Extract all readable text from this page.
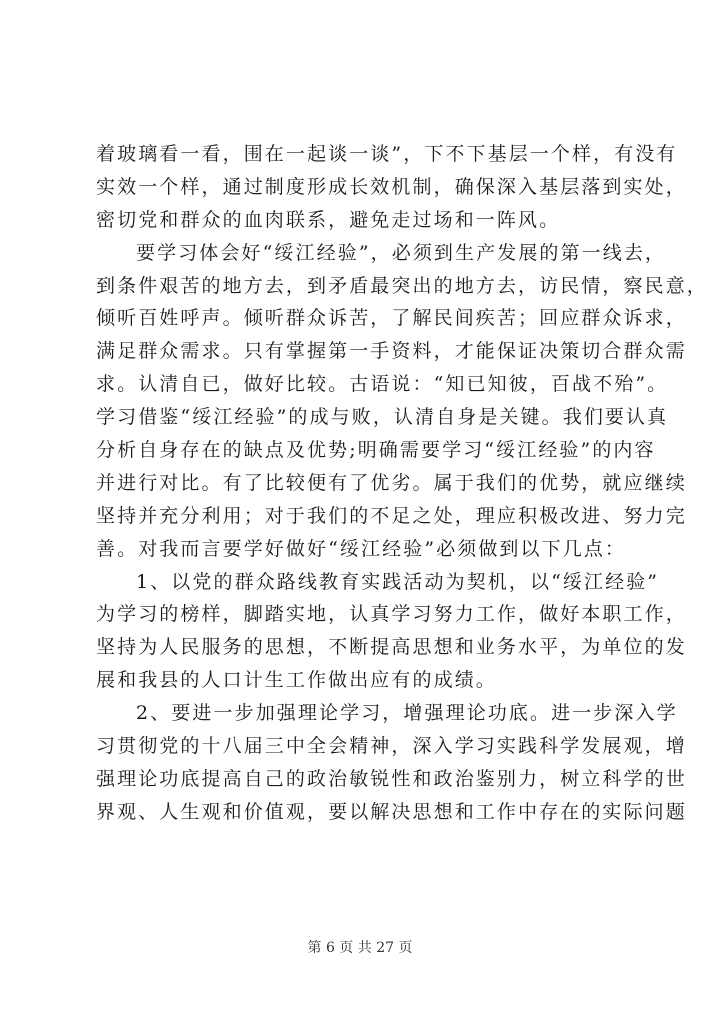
着玻璃看一看，围在一起谈一谈”，下不下基层一个样，有没有
实效一个样，通过制度形成长效机制，确保深入基层落到实处，
密切党和群众的血肉联系，避免走过场和一阵风。
要学习体会好“绥江经验”，必须到生产发展的第一线去，
到条件艰苦的地方去，到矛盾最突出的地方去，访民情，察民意，
倾听百姓呼声。倾听群众诉苦，了解民间疾苦；回应群众诉求，
满足群众需求。只有掌握第一手资料，才能保证决策切合群众需
求。认清自已，做好比较。古语说：“知已知彼，百战不殆”。
学习借鉴“绥江经验”的成与败，认清自身是关键。我们要认真
分析自身存在的缺点及优势;明确需要学习“绥江经验”的内容
并进行对比。有了比较便有了优劣。属于我们的优势，就应继续
坚持并充分利用；对于我们的不足之处，理应积极改进、努力完
善。对我而言要学好做好“绥江经验”必须做到以下几点：
1、以党的群众路线教育实践活动为契机，以“绥江经验”
为学习的榜样，脚踏实地，认真学习努力工作，做好本职工作，
坚持为人民服务的思想，不断提高思想和业务水平，为单位的发
展和我县的人口计生工作做出应有的成绩。
2、要进一步加强理论学习，增强理论功底。进一步深入学
习贯彻党的十八届三中全会精神，深入学习实践科学发展观，增
强理论功底提高自己的政治敏锐性和政治鉴别力，树立科学的世
界观、人生观和价值观，要以解决思想和工作中存在的实际问题
第 6 页 共 27 页
